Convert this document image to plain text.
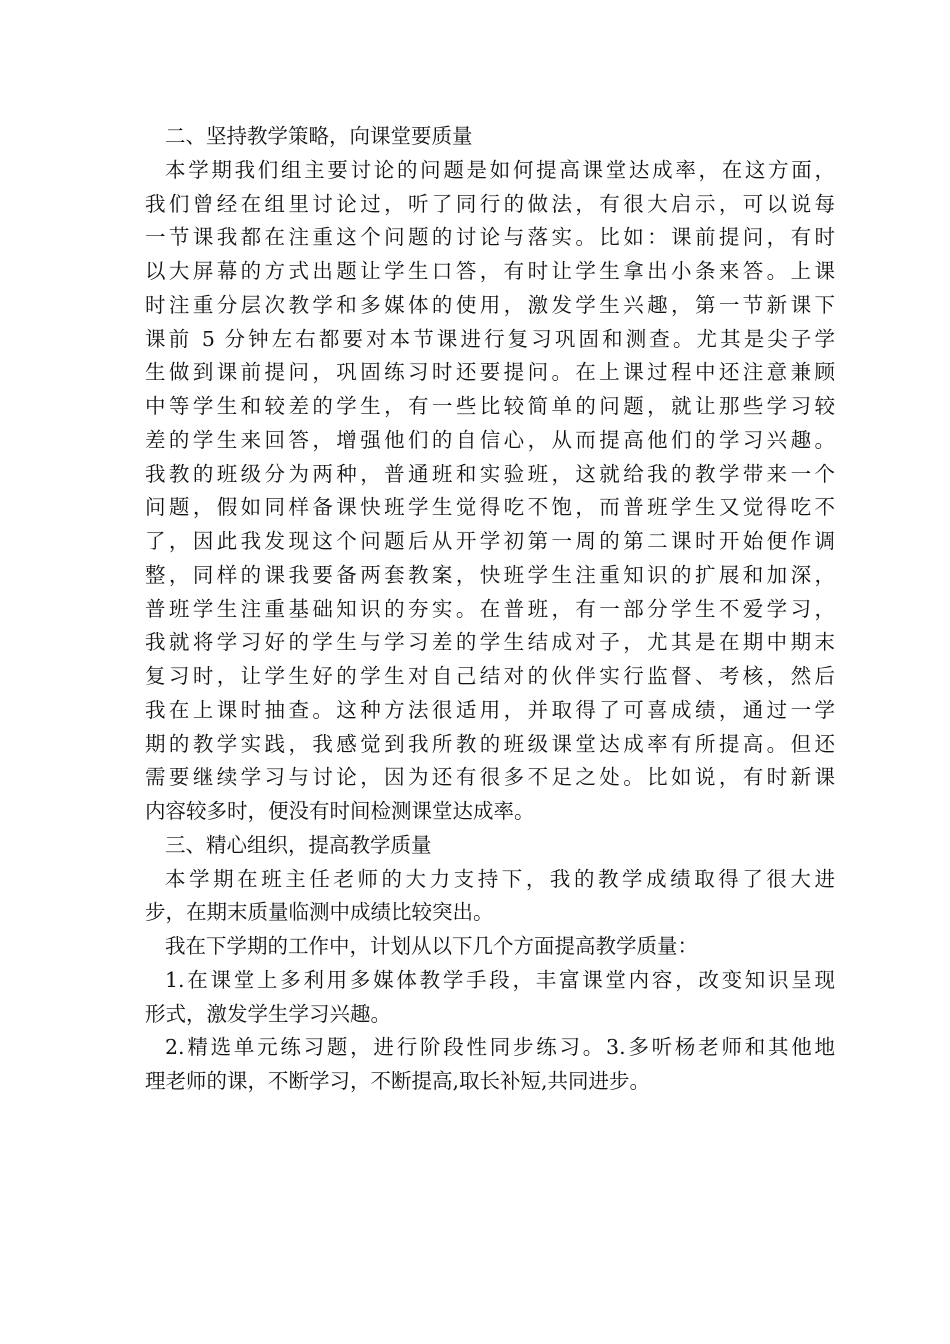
二、坚持教学策略，向课堂要质量
本学期我们组主要讨论的问题是如何提高课堂达成率，在这方面，
我们曾经在组里讨论过，听了同行的做法，有很大启示，可以说每
一节课我都在注重这个问题的讨论与落实。比如：课前提问，有时
以大屏幕的方式出题让学生口答，有时让学生拿出小条来答。上课
时注重分层次教学和多媒体的使用，激发学生兴趣，第一节新课下
课前 5 分钟左右都要对本节课进行复习巩固和测查。尤其是尖子学
生做到课前提问，巩固练习时还要提问。在上课过程中还注意兼顾
中等学生和较差的学生，有一些比较简单的问题，就让那些学习较
差的学生来回答，增强他们的自信心，从而提高他们的学习兴趣。
我教的班级分为两种，普通班和实验班，这就给我的教学带来一个
问题，假如同样备课快班学生觉得吃不饱，而普班学生又觉得吃不
了，因此我发现这个问题后从开学初第一周的第二课时开始便作调
整，同样的课我要备两套教案，快班学生注重知识的扩展和加深，
普班学生注重基础知识的夯实。在普班，有一部分学生不爱学习，
我就将学习好的学生与学习差的学生结成对子，尤其是在期中期末
复习时，让学生好的学生对自己结对的伙伴实行监督、考核，然后
我在上课时抽查。这种方法很适用，并取得了可喜成绩，通过一学
期的教学实践，我感觉到我所教的班级课堂达成率有所提高。但还
需要继续学习与讨论，因为还有很多不足之处。比如说，有时新课
内容较多时，便没有时间检测课堂达成率。
三、精心组织，提高教学质量
本学期在班主任老师的大力支持下，我的教学成绩取得了很大进
步，在期末质量临测中成绩比较突出。
我在下学期的工作中，计划从以下几个方面提高教学质量：
1.在课堂上多利用多媒体教学手段，丰富课堂内容，改变知识呈现
形式，激发学生学习兴趣。
2.精选单元练习题，进行阶段性同步练习。3.多听杨老师和其他地
理老师的课，不断学习，不断提高,取长补短,共同进步。
